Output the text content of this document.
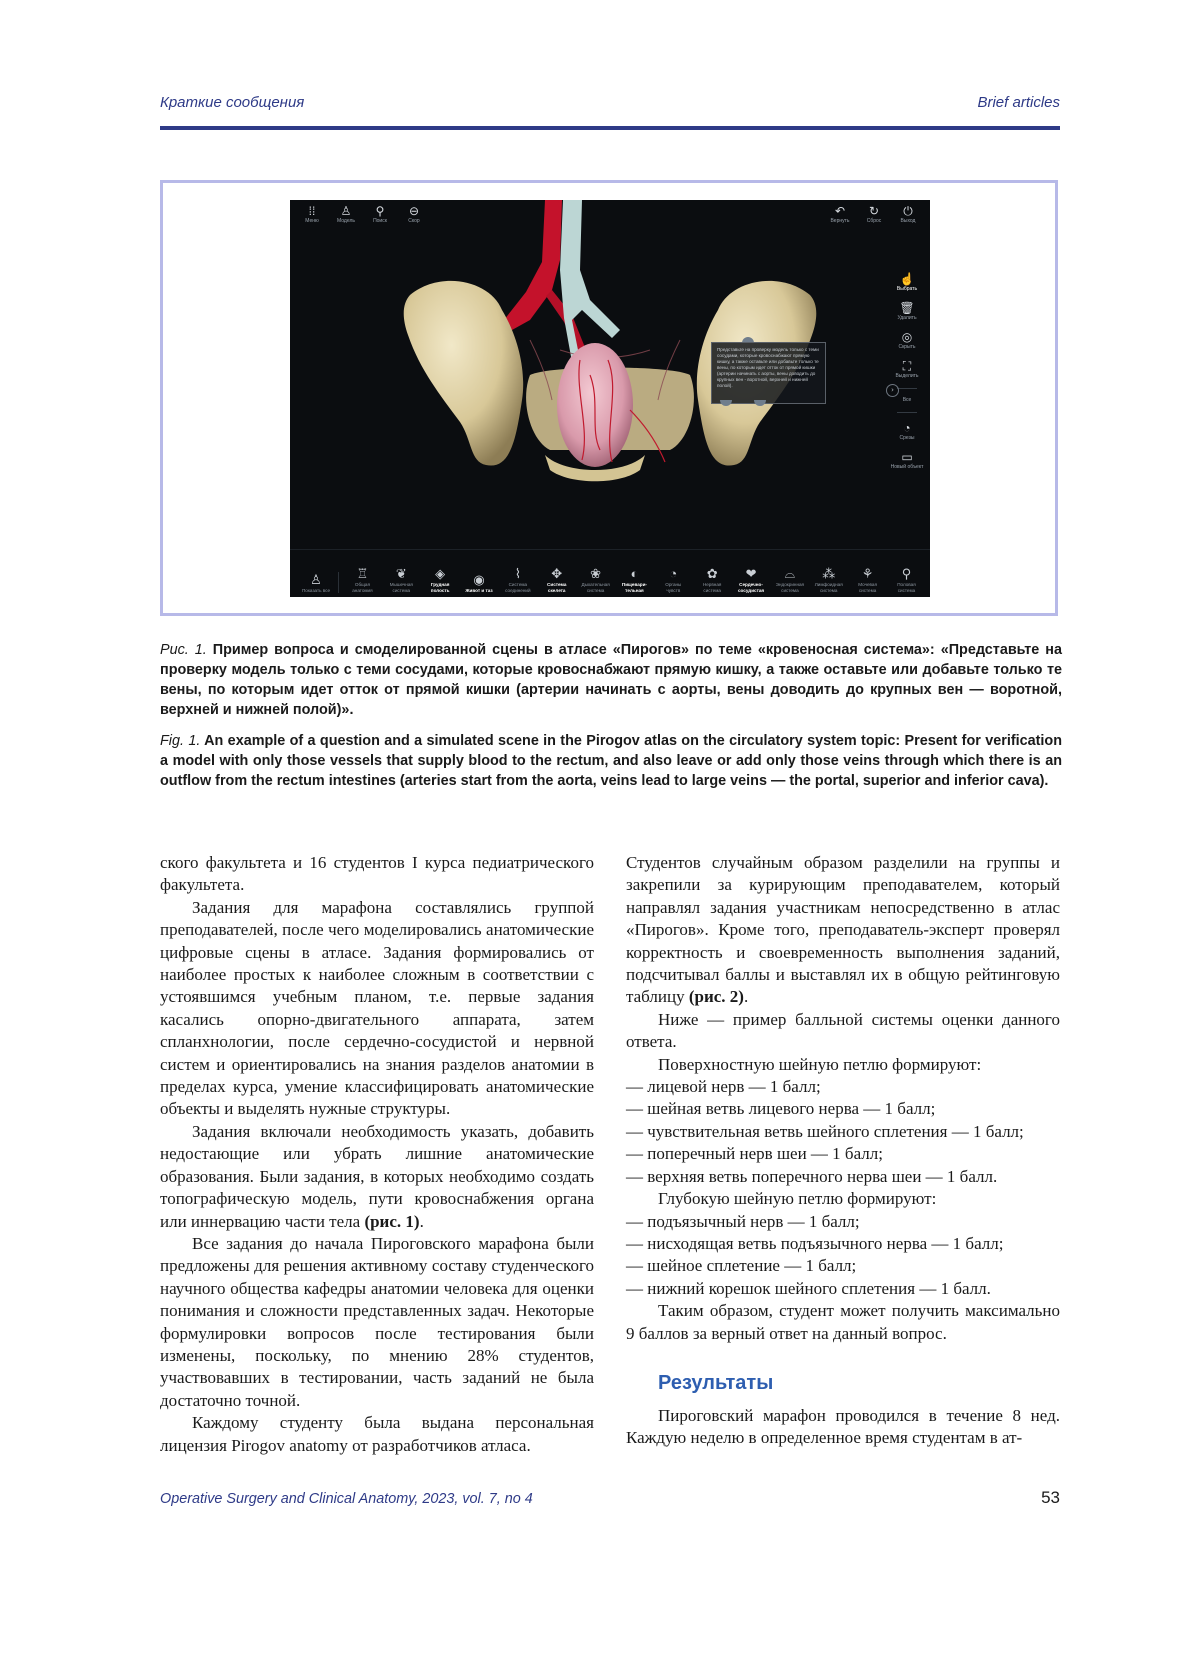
Краткие сообщения	Brief articles
⁞⁞
Меню
♙
Модель
⚲
Поиск
⊖
Скор
↶
Вернуть
↻
Сброс
⏻
Выход
☝
Выбрать
🗑
Удалить
◎
Скрыть
⛶
Выделить
Все
◔
Срезы
▭
Новый объект
Представьте на проверку модель только с теми сосудами, которые кровоснабжают прямую кишку, а также оставьте или добавьте только те вены, по которым идет отток от прямой кишки (артерии начинать с аорты, вены доводить до крупных вен - воротной, верхней и нижней полой).
›
♙
Показать все
♖
Общая
анатомия
❦
Мышечная
система
◈
Грудная
полость
◉
Живот и таз
⌇
Система
соединений
✥
Система
скелета
❀
Дыхательная
система
◐
Пищевари-
тельная
◔
Органы
чувств
✿
Нервная
система
❤
Сердечно-
сосудистая
⌓
Эндокринная
система
⁂
Лимфоидная
система
⚘
Мочевая
система
⚲
Половая
система
Рис. 1. Пример вопроса и смоделированной сцены в атласе «Пирогов» по теме «кровеносная система»: «Представьте на проверку модель только с теми сосудами, которые кровоснабжают прямую кишку, а также оставьте или добавьте только те вены, по которым идет отток от прямой кишки (артерии начинать с аорты, вены доводить до крупных вен — воротной, верхней и нижней полой)».
Fig. 1. An example of a question and a simulated scene in the Pirogov atlas on the circulatory system topic: Present for verification a model with only those vessels that supply blood to the rectum, and also leave or add only those veins through which there is an outflow from the rectum intestines (arteries start from the aorta, veins lead to large veins — the portal, superior and inferior cava).

ского факультета и 16 студентов I курса педиатрического факультета.

Задания для марафона составлялись группой преподавателей, после чего моделировались анатомические цифровые сцены в атласе. Задания формировались от наиболее простых к наиболее сложным в соответствии с устоявшимся учебным планом, т.е. первые задания касались опорно-двигательного аппарата, затем спланхнологии, после сердечно-сосудистой и нервной систем и ориентировались на знания разделов анатомии в пределах курса, умение классифицировать анатомические объекты и выделять нужные структуры.

Задания включали необходимость указать, добавить недостающие или убрать лишние анатомические образования. Были задания, в которых необходимо создать топографическую модель, пути кровоснабжения органа или иннервацию части тела (рис. 1).

Все задания до начала Пироговского марафона были предложены для решения активному составу студенческого научного общества кафедры анатомии человека для оценки понимания и сложности представленных задач. Некоторые формулировки вопросов после тестирования были изменены, поскольку, по мнению 28% студентов, участвовавших в тестировании, часть заданий не была достаточно точной.

Каждому студенту была выдана персональная лицензия Pirogov anatomy от разработчиков атласа.

Студентов случайным образом разделили на группы и закрепили за курирующим преподавателем, который направлял задания участникам непосредственно в атлас «Пирогов». Кроме того, преподаватель-эксперт проверял корректность и своевременность выполнения заданий, подсчитывал баллы и выставлял их в общую рейтинговую таблицу (рис. 2).

Ниже — пример балльной системы оценки данного ответа.

Поверхностную шейную петлю формируют:

— лицевой нерв — 1 балл;

— шейная ветвь лицевого нерва — 1 балл;

— чувствительная ветвь шейного сплетения — 1 балл;

— поперечный нерв шеи — 1 балл;

— верхняя ветвь поперечного нерва шеи — 1 балл.

Глубокую шейную петлю формируют:

— подъязычный нерв — 1 балл;

— нисходящая ветвь подъязычного нерва — 1 балл;

— шейное сплетение — 1 балл;

— нижний корешок шейного сплетения — 1 балл.

Таким образом, студент может получить максимально 9 баллов за верный ответ на данный вопрос.

Результаты

Пироговский марафон проводился в течение 8 нед. Каждую неделю в определенное время студентам в ат-

Operative Surgery and Clinical Anatomy, 2023, vol. 7, no 4	53
